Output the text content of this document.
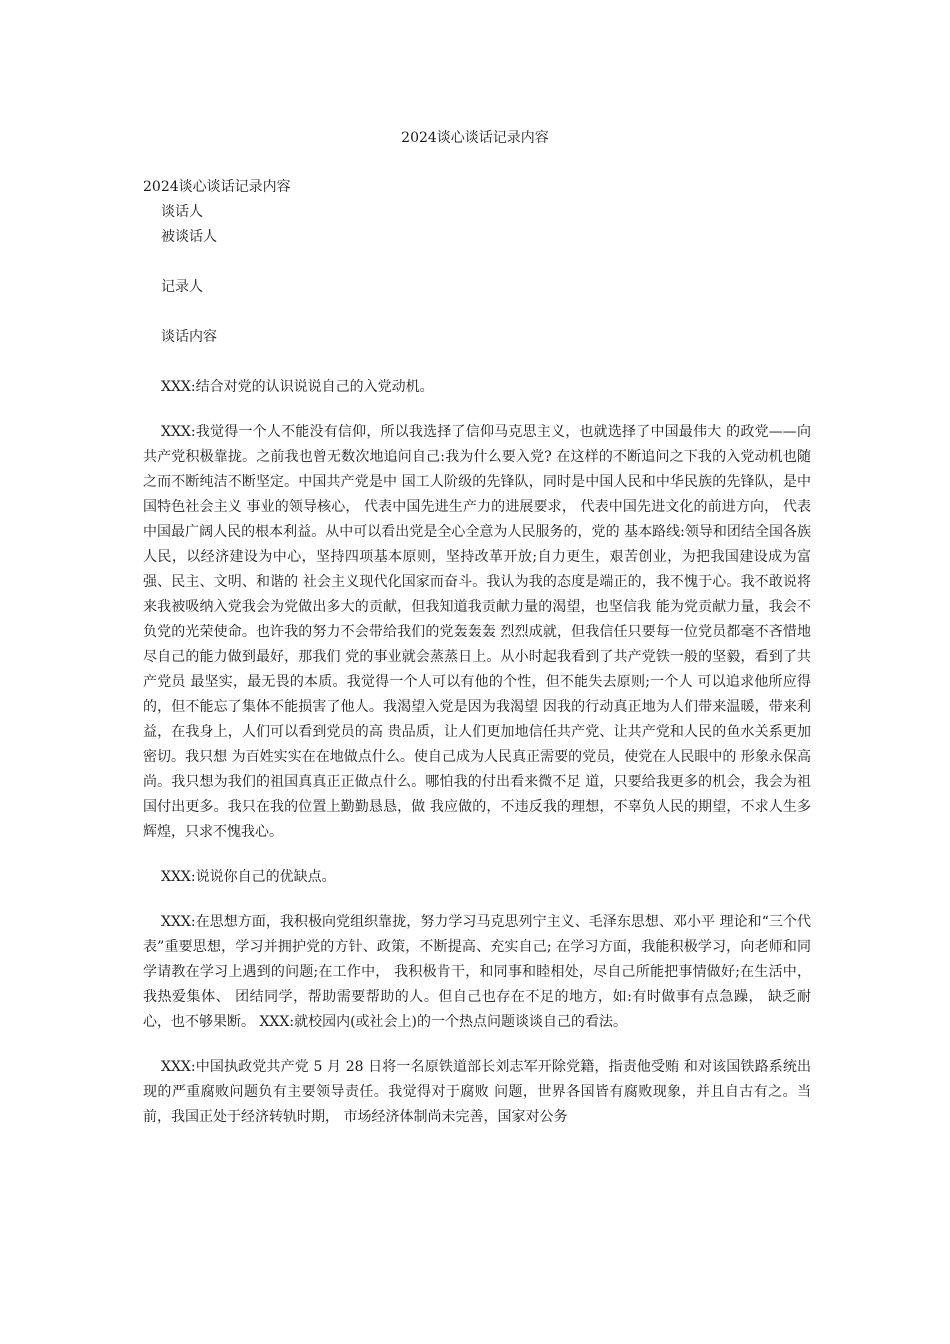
2024谈心谈话记录内容

2024谈心谈话记录内容

谈话人

被谈话人

记录人

谈话内容

XXX:结合对党的认识说说自己的入党动机。

XXX:我觉得一个人不能没有信仰，所以我选择了信仰马克思主义，也就选择了中国最伟大 的政党——向共产党积极靠拢。之前我也曾无数次地追问自己:我为什么要入党? 在这样的不断追问之下我的入党动机也随之而不断纯洁不断坚定。中国共产党是中 国工人阶级的先锋队，同时是中国人民和中华民族的先锋队，是中国特色社会主义 事业的领导核心， 代表中国先进生产力的进展要求， 代表中国先进文化的前进方向， 代表中国最广阔人民的根本利益。从中可以看出党是全心全意为人民服务的，党的 基本路线:领导和团结全国各族人民，以经济建设为中心，坚持四项基本原则，坚持改革开放;自力更生，艰苦创业，为把我国建设成为富强、民主、文明、和谐的 社会主义现代化国家而奋斗。我认为我的态度是端正的，我不愧于心。我不敢说将 来我被吸纳入党我会为党做出多大的贡献，但我知道我贡献力量的渴望，也坚信我 能为党贡献力量，我会不负党的光荣使命。也许我的努力不会带给我们的党轰轰轰 烈烈成就，但我信任只要每一位党员都毫不吝惜地尽自己的能力做到最好，那我们 党的事业就会蒸蒸日上。从小时起我看到了共产党铁一般的坚毅，看到了共产党员 最坚实，最无畏的本质。我觉得一个人可以有他的个性，但不能失去原则;一个人 可以追求他所应得的，但不能忘了集体不能损害了他人。我渴望入党是因为我渴望 因我的行动真正地为人们带来温暖，带来利益，在我身上，人们可以看到党员的高 贵品质，让人们更加地信任共产党、让共产党和人民的鱼水关系更加密切。我只想 为百姓实实在在地做点什么。使自己成为人民真正需要的党员，使党在人民眼中的 形象永保高尚。我只想为我们的祖国真真正正做点什么。哪怕我的付出看来微不足 道，只要给我更多的机会，我会为祖国付出更多。我只在我的位置上勤勤恳恳，做 我应做的，不违反我的理想，不辜负人民的期望，不求人生多辉煌，只求不愧我心。

XXX:说说你自己的优缺点。

XXX:在思想方面，我积极向党组织靠拢，努力学习马克思列宁主义、毛泽东思想、邓小平 理论和“三个代表”重要思想，学习并拥护党的方针、政策，不断提高、充实自己; 在学习方面，我能积极学习，向老师和同学请教在学习上遇到的问题;在工作中， 我积极肯干，和同事和睦相处，尽自己所能把事情做好;在生活中，我热爱集体、 团结同学，帮助需要帮助的人。但自己也存在不足的地方，如:有时做事有点急躁， 缺乏耐心，也不够果断。 XXX:就校园内(或社会上)的一个热点问题谈谈自己的看法。

XXX:中国执政党共产党 5 月 28 日将一名原铁道部长刘志军开除党籍，指责他受贿 和对该国铁路系统出现的严重腐败问题负有主要领导责任。我觉得对于腐败 问题，世界各国皆有腐败现象，并且自古有之。当前，我国正处于经济转轨时期， 市场经济体制尚未完善，国家对公务
